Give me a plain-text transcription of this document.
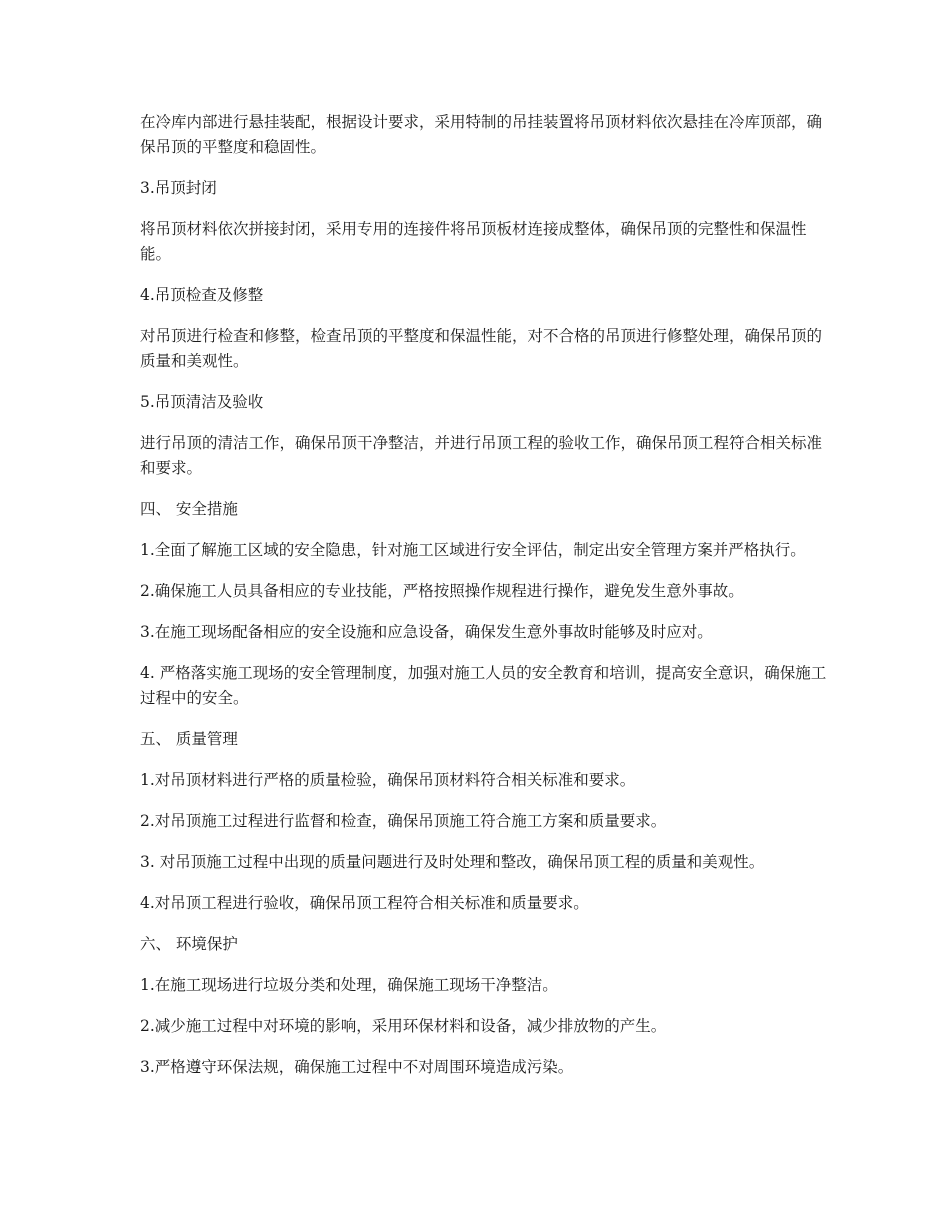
在冷库内部进行悬挂装配，根据设计要求，采用特制的吊挂装置将吊顶材料依次悬挂在冷库顶部，确保吊顶的平整度和稳固性。

3.吊顶封闭

将吊顶材料依次拼接封闭，采用专用的连接件将吊顶板材连接成整体，确保吊顶的完整性和保温性能。

4.吊顶检查及修整

对吊顶进行检查和修整，检查吊顶的平整度和保温性能，对不合格的吊顶进行修整处理，确保吊顶的质量和美观性。

5.吊顶清洁及验收

进行吊顶的清洁工作，确保吊顶干净整洁，并进行吊顶工程的验收工作，确保吊顶工程符合相关标准和要求。

四、 安全措施

1.全面了解施工区域的安全隐患，针对施工区域进行安全评估，制定出安全管理方案并严格执行。

2.确保施工人员具备相应的专业技能，严格按照操作规程进行操作，避免发生意外事故。

3.在施工现场配备相应的安全设施和应急设备，确保发生意外事故时能够及时应对。

4. 严格落实施工现场的安全管理制度，加强对施工人员的安全教育和培训，提高安全意识，确保施工过程中的安全。

五、 质量管理

1.对吊顶材料进行严格的质量检验，确保吊顶材料符合相关标准和要求。

2.对吊顶施工过程进行监督和检查，确保吊顶施工符合施工方案和质量要求。

3. 对吊顶施工过程中出现的质量问题进行及时处理和整改，确保吊顶工程的质量和美观性。

4.对吊顶工程进行验收，确保吊顶工程符合相关标准和质量要求。

六、 环境保护

1.在施工现场进行垃圾分类和处理，确保施工现场干净整洁。

2.减少施工过程中对环境的影响，采用环保材料和设备，减少排放物的产生。

3.严格遵守环保法规，确保施工过程中不对周围环境造成污染。
